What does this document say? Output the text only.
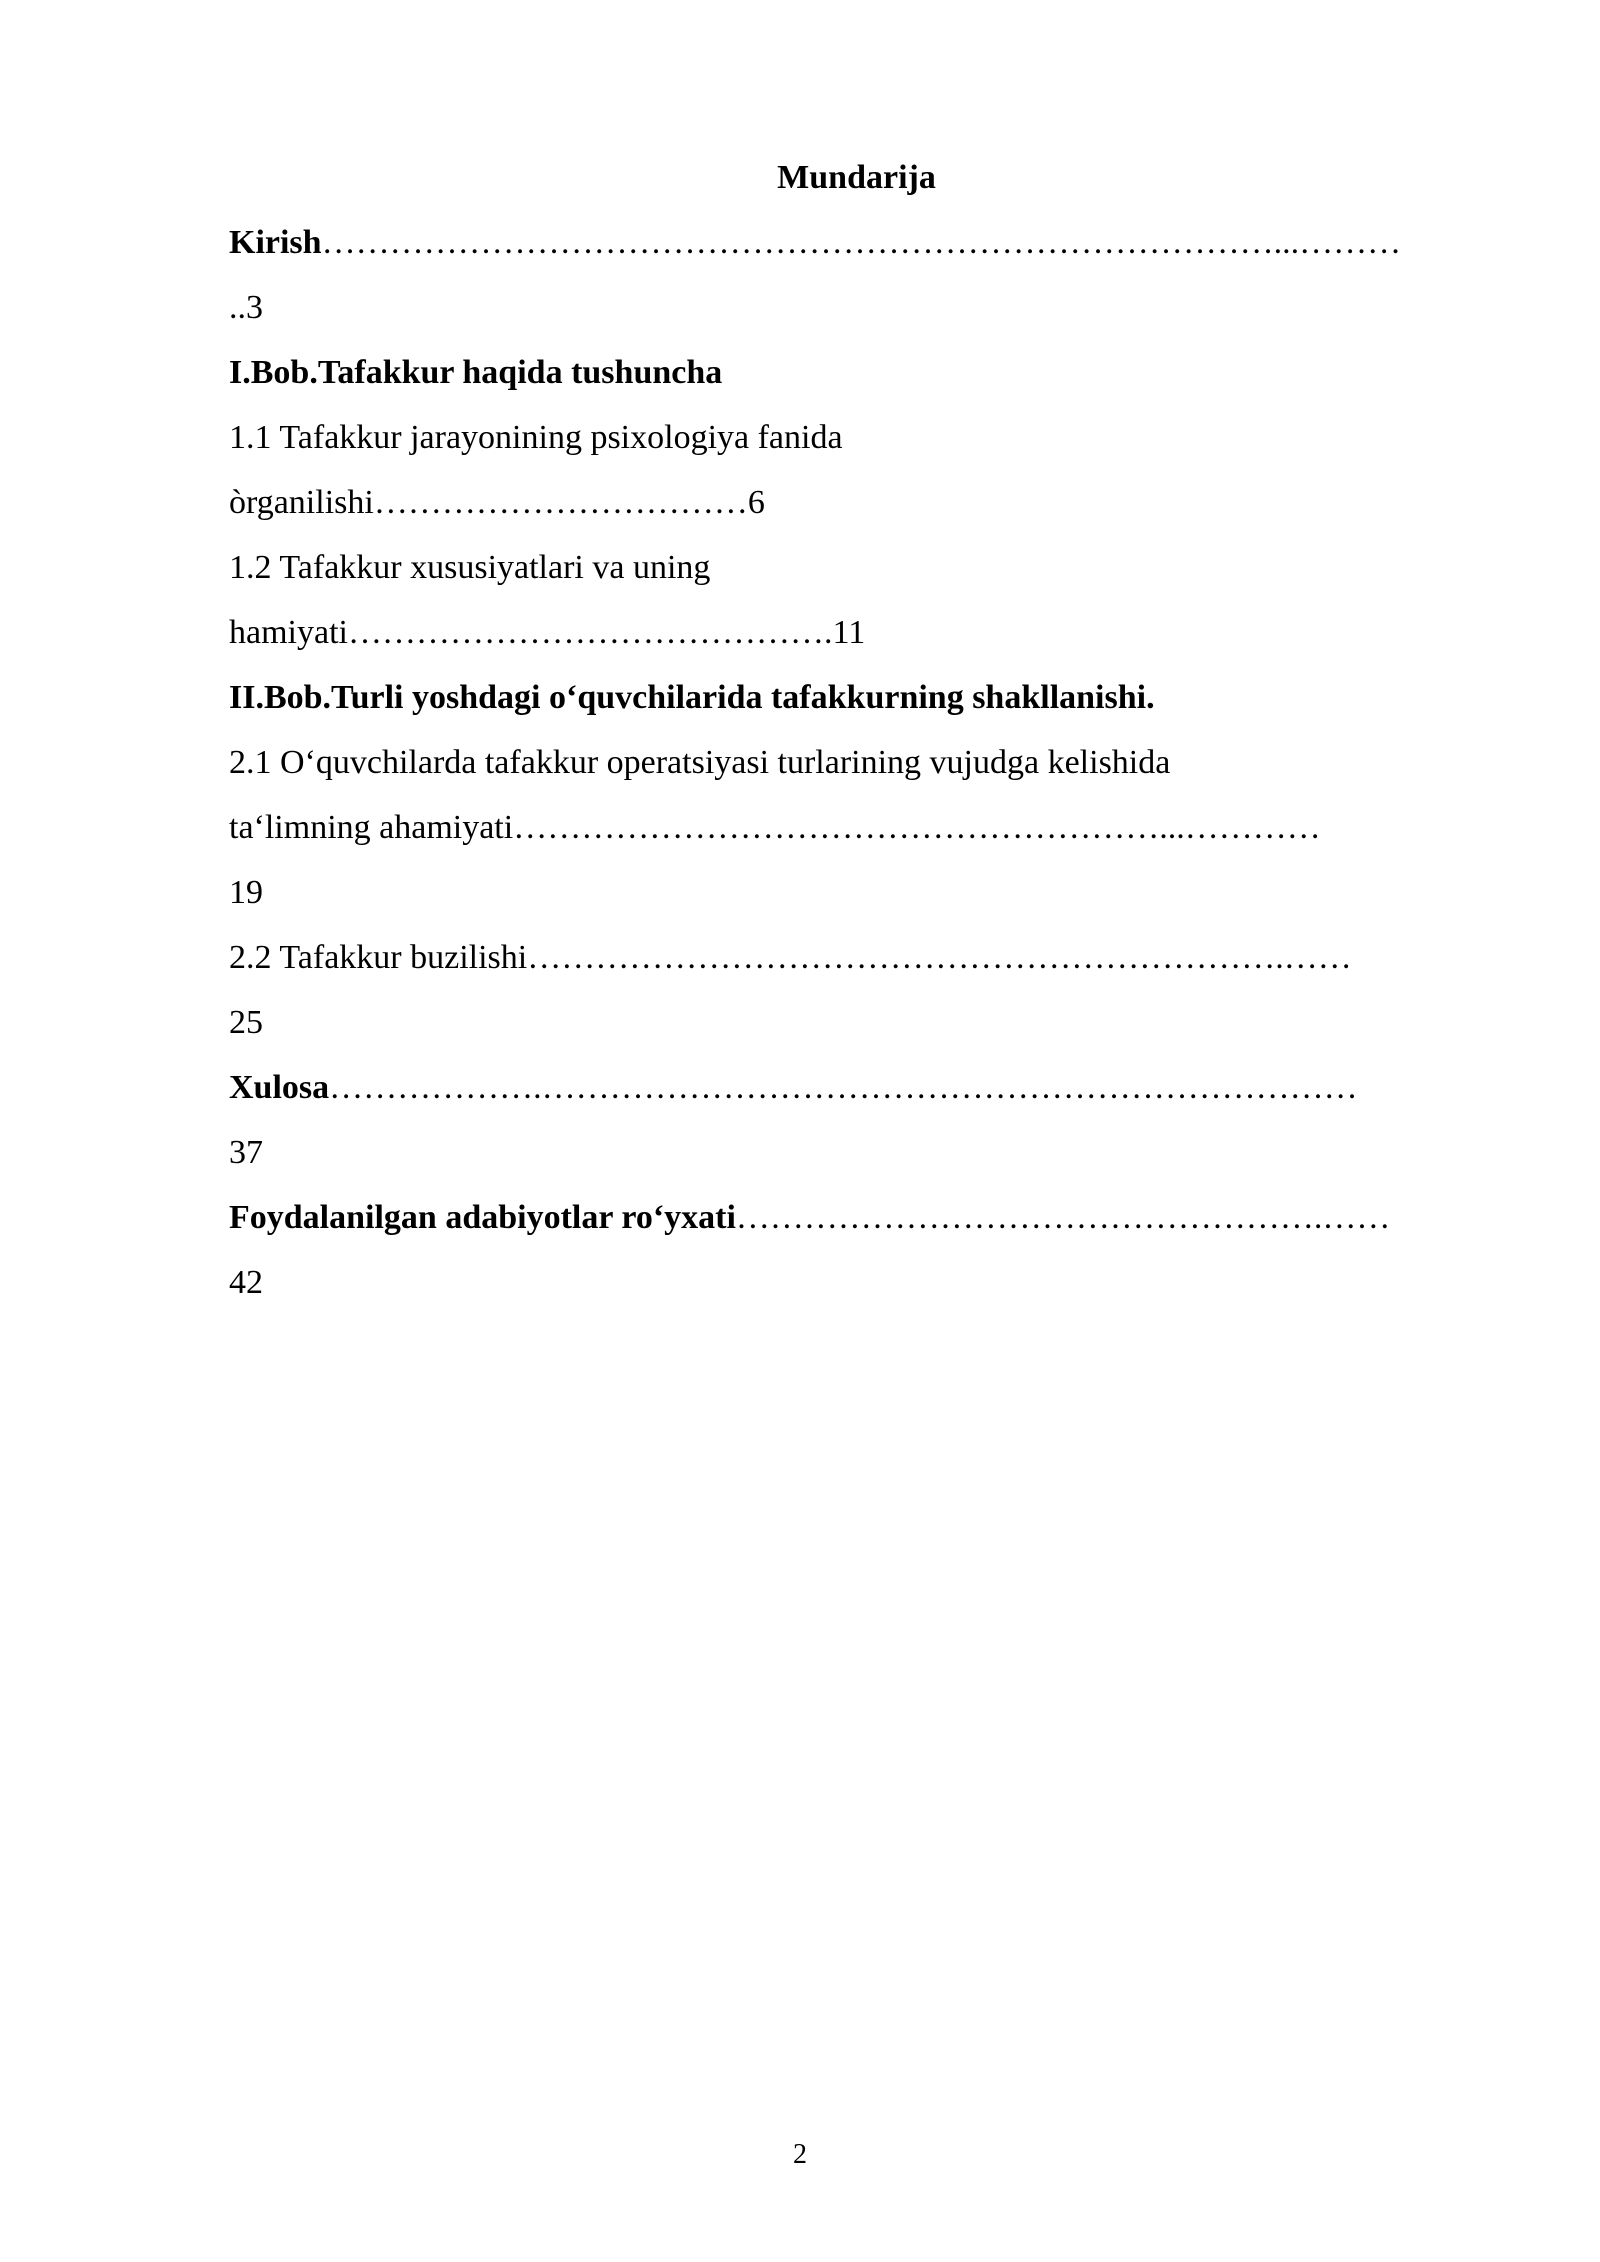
Mundarija
Kirish…………………………………………………………………………...………
..3
I.Bob.Tafakkur haqida tushuncha
1.1 Tafakkur jarayonining psixologiya fanida
òrganilishi……………………………6
1.2 Tafakkur xususiyatlari va uning
hamiyati…………………………………….11
II.Bob.Turli yoshdagi o‘quvchilarida tafakkurning shakllanishi.
2.1 O‘quvchilarda tafakkur operatsiyasi turlarining vujudga kelishida
ta‘limning ahamiyati…………………………………………………...…………
19
2.2 Tafakkur buzilishi………………………………………………………….……
25
Xulosa……………….………………………………………………………………
37
Foydalanilgan adabiyotlar ro‘yxati…………………………………………….……
42
2
